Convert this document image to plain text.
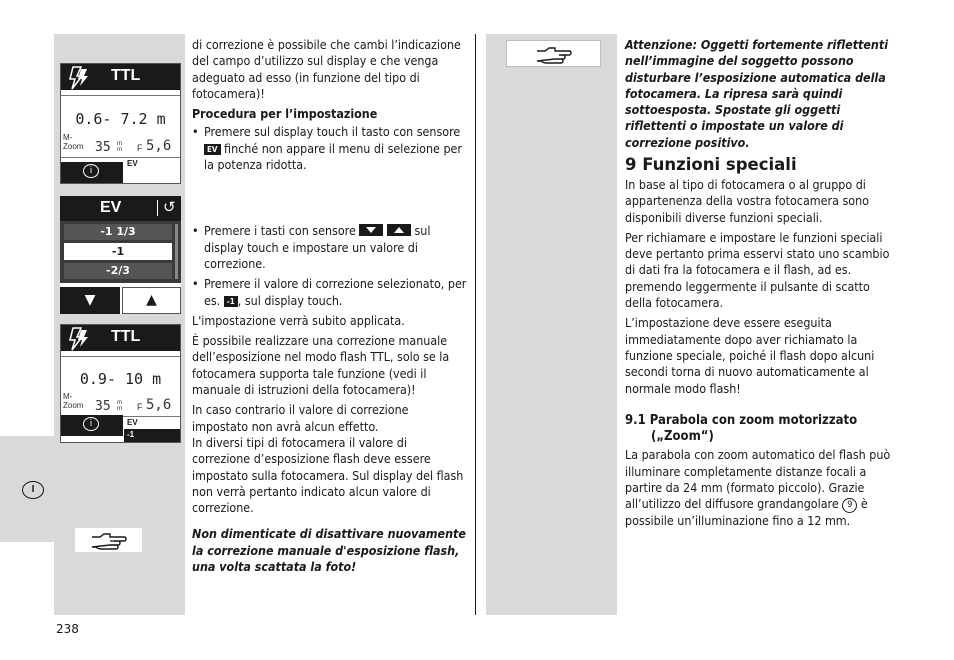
I
TTL
0.6- 7.2 m
M-
Zoom 35 m
m F 5,6
i
EV
EV	↺
-1 1/3
-1
-2/3
▼	▲
TTL
0.9- 10 m
M-
Zoom 35 m
m F 5,6
i	EV
-1

di correzione è possibile che cambi l’indicazione del campo d’utilizzo sul display e che venga adeguato ad esso (in funzione del tipo di fotocamera)!

Procedura per l’impostazione

• Premere sul display touch il tasto con sensore EV finché non appare il menu di selezione per la potenza ridotta.
• Premere i tasti con sensore	sul display touch e impostare un valore di correzione.
• Premere il valore di correzione selezionato, per es. -1 , sul display touch.

L'impostazione verrà subito applicata.

È possibile realizzare una correzione manuale dell’esposizione nel modo flash TTL, solo se la fotocamera supporta tale funzione (vedi il manuale di istruzioni della fotocamera)!

In caso contrario il valore di correzione impostato non avrà alcun effetto.

In diversi tipi di fotocamera il valore di correzione d’esposizione flash deve essere impostato sulla fotocamera. Sul display del flash non verrà pertanto indicato alcun valore di correzione.

Non dimenticate di disattivare nuovamente la correzione manuale d'esposizione flash, una volta scattata la foto!

Attenzione: Oggetti fortemente riflettenti nell’immagine del soggetto possono disturbare l’esposizione automatica della fotocamera. La ripresa sarà quindi sottoesposta. Spostate gli oggetti riflettenti o impostate un valore di correzione positivo.

9 Funzioni speciali

In base al tipo di fotocamera o al gruppo di appartenenza della vostra fotocamera sono disponibili diverse funzioni speciali.

Per richiamare e impostare le funzioni speciali deve pertanto prima esservi stato uno scambio di dati fra la fotocamera e il flash, ad es. premendo leggermente il pulsante di scatto della fotocamera.

L’impostazione deve essere eseguita immediatamente dopo aver richiamato la funzione speciale, poiché il flash dopo alcuni secondi torna di nuovo automaticamente al normale modo flash!

9.1 Parabola con zoom motorizzato
(„Zoom“)

La parabola con zoom automatico del flash può illuminare completamente distanze focali a partire da 24 mm (formato piccolo). Grazie all’utilizzo del diffusore grandangolare 9 è possibile un’illuminazione fino a 12 mm.

238
